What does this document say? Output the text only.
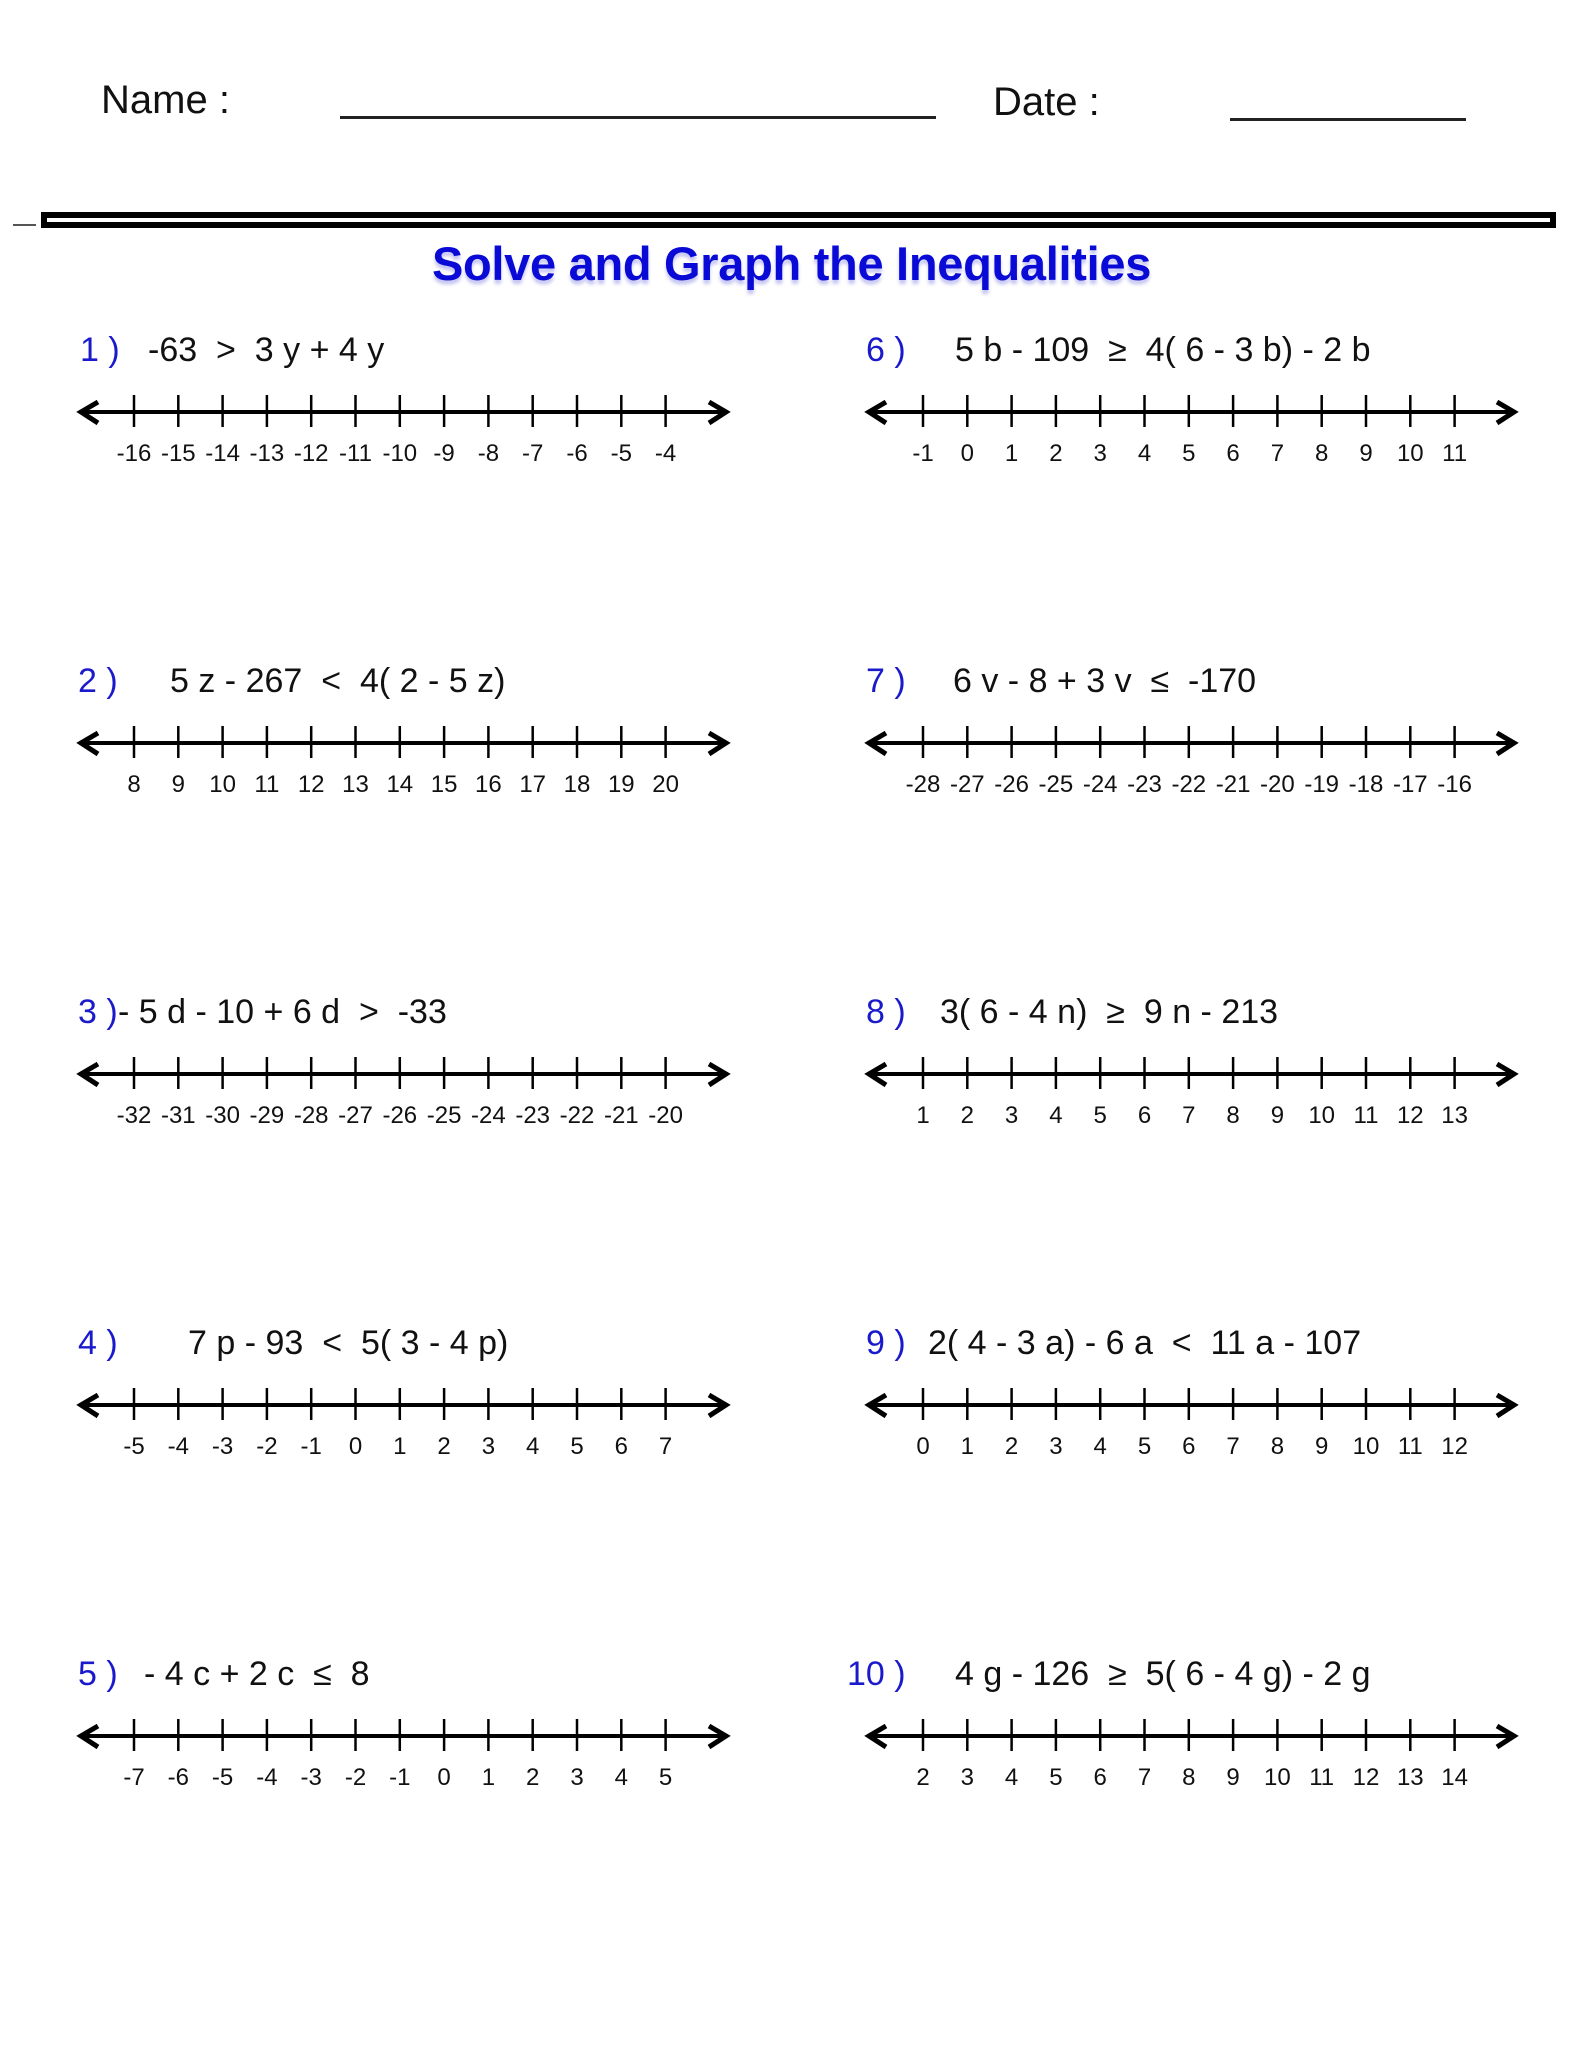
Name :	Date :
Solve and Graph the Inequalities
1 ) -63  >  3 y + 4 y
-16 -15 -14 -13 -12 -11 -10 -9 -8 -7 -6 -5 -4
2 ) 5 z - 267  <  4( 2 - 5 z)
8 9 10 11 12 13 14 15 16 17 18 19 20
3 ) - 5 d - 10 + 6 d  >  -33
-32 -31 -30 -29 -28 -27 -26 -25 -24 -23 -22 -21 -20
4 ) 7 p - 93  <  5( 3 - 4 p)
-5 -4 -3 -2 -1 0 1 2 3 4 5 6 7
5 ) - 4 c + 2 c  ≤  8
-7 -6 -5 -4 -3 -2 -1 0 1 2 3 4 5
6 ) 5 b - 109  ≥  4( 6 - 3 b) - 2 b
-1 0 1 2 3 4 5 6 7 8 9 10 11
7 ) 6 v - 8 + 3 v  ≤  -170
-28 -27 -26 -25 -24 -23 -22 -21 -20 -19 -18 -17 -16
8 ) 3( 6 - 4 n)  ≥  9 n - 213
1 2 3 4 5 6 7 8 9 10 11 12 13
9 ) 2( 4 - 3 a) - 6 a  <  11 a - 107
0 1 2 3 4 5 6 7 8 9 10 11 12
10 ) 4 g - 126  ≥  5( 6 - 4 g) - 2 g
2 3 4 5 6 7 8 9 10 11 12 13 14
